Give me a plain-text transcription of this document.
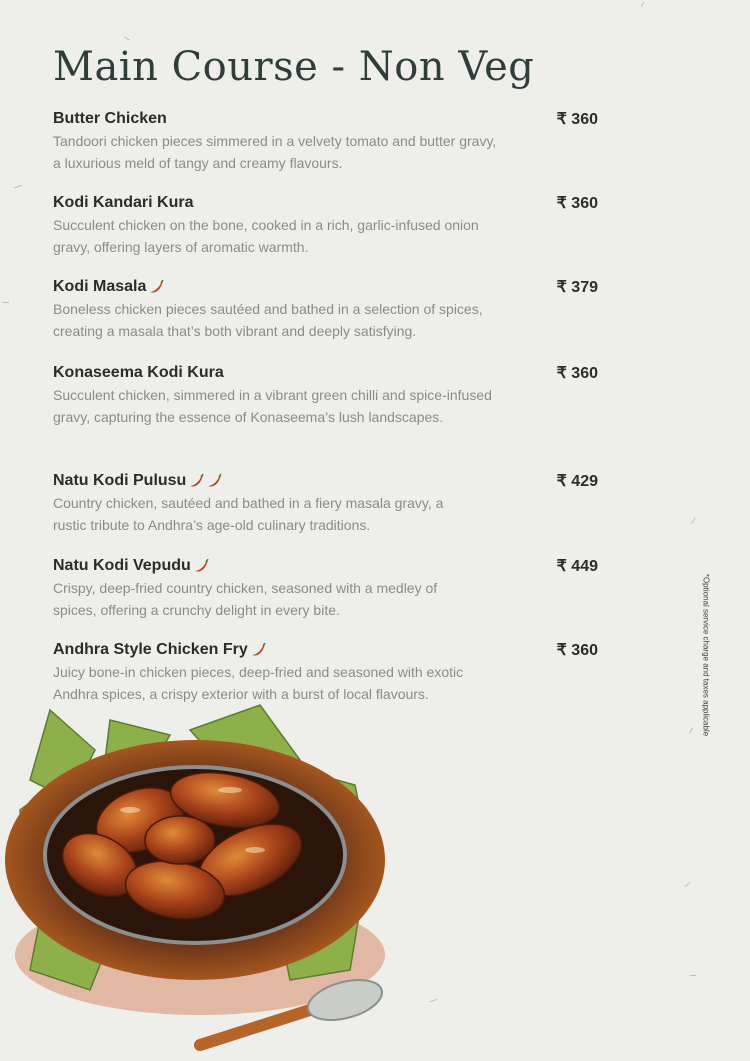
Main Course - Non Veg
Butter Chicken	₹ 360
Tandoori chicken pieces simmered in a velvety tomato and butter gravy, a luxurious meld of tangy and creamy flavours.
Kodi Kandari Kura	₹ 360
Succulent chicken on the bone, cooked in a rich, garlic-infused onion gravy, offering layers of aromatic warmth.
Kodi Masala	₹ 379
Boneless chicken pieces sautéed and bathed in a selection of spices, creating a masala that’s both vibrant and deeply satisfying.
Konaseema Kodi Kura	₹ 360
Succulent chicken, simmered in a vibrant green chilli and spice-infused gravy, capturing the essence of Konaseema’s lush landscapes.
Natu Kodi Pulusu	₹ 429
Country chicken, sautéed and bathed in a fiery masala gravy, a rustic tribute to Andhra’s age-old culinary traditions.
Natu Kodi Vepudu	₹ 449
Crispy, deep-fried country chicken, seasoned with a medley of spices, offering a crunchy delight in every bite.
Andhra Style Chicken Fry	₹ 360
Juicy bone-in chicken pieces, deep-fried and seasoned with exotic Andhra spices, a crispy exterior with a burst of local flavours.	*Optional service charge and taxes applicable
